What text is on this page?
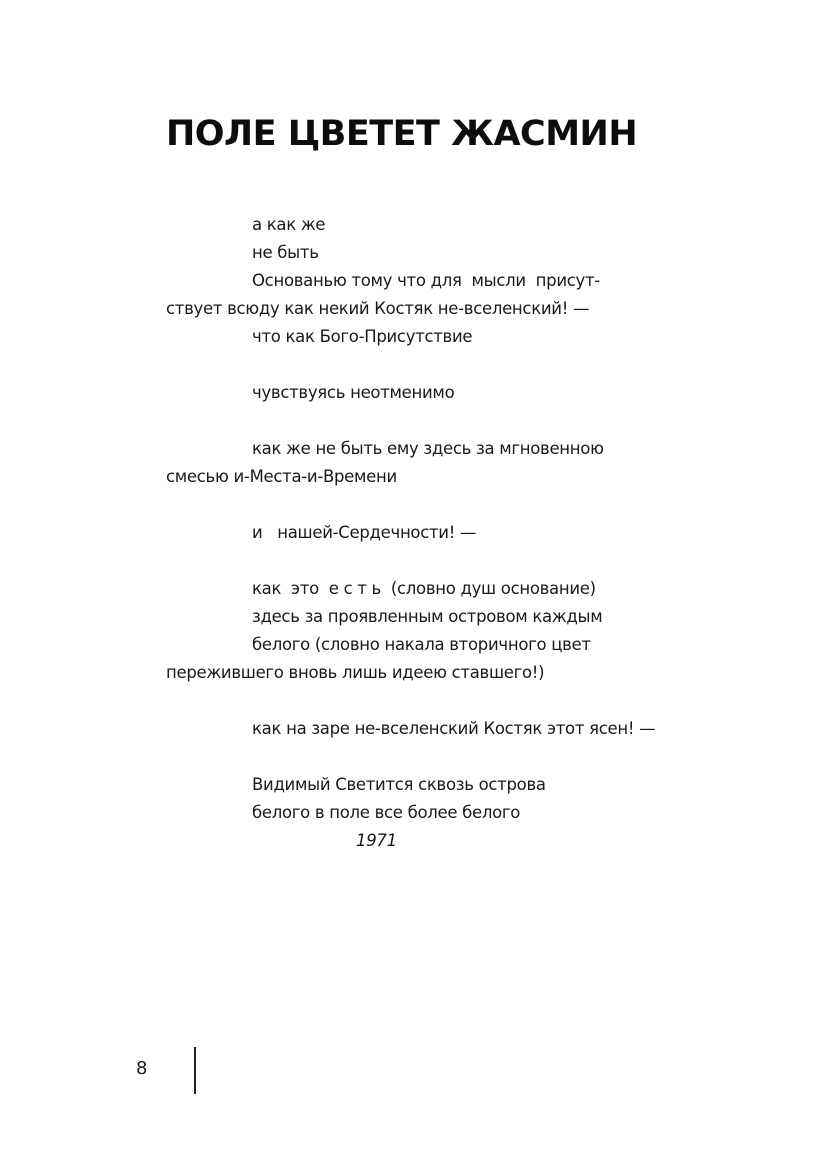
ПОЛЕ ЦВЕТЕТ ЖАСМИН
а как же
не быть
Основанью тому что для  мысли  присут-
ствует всюду как некий Костяк не-вселенский! —
что как Бого-Присутствие
чувствуясь неотменимо
как же не быть ему здесь за мгновенною
смесью и-Места-и-Времени
и   нашей-Сердечности! —
как  это  е с т ь  (словно душ основание)
здесь за проявленным островом каждым
белого (словно накала вторичного цвет
пережившего вновь лишь идеею ставшего!)
как на заре не-вселенский Костяк этот ясен! —
Видимый Светится сквозь острова
белого в поле все более белого
1971
8
